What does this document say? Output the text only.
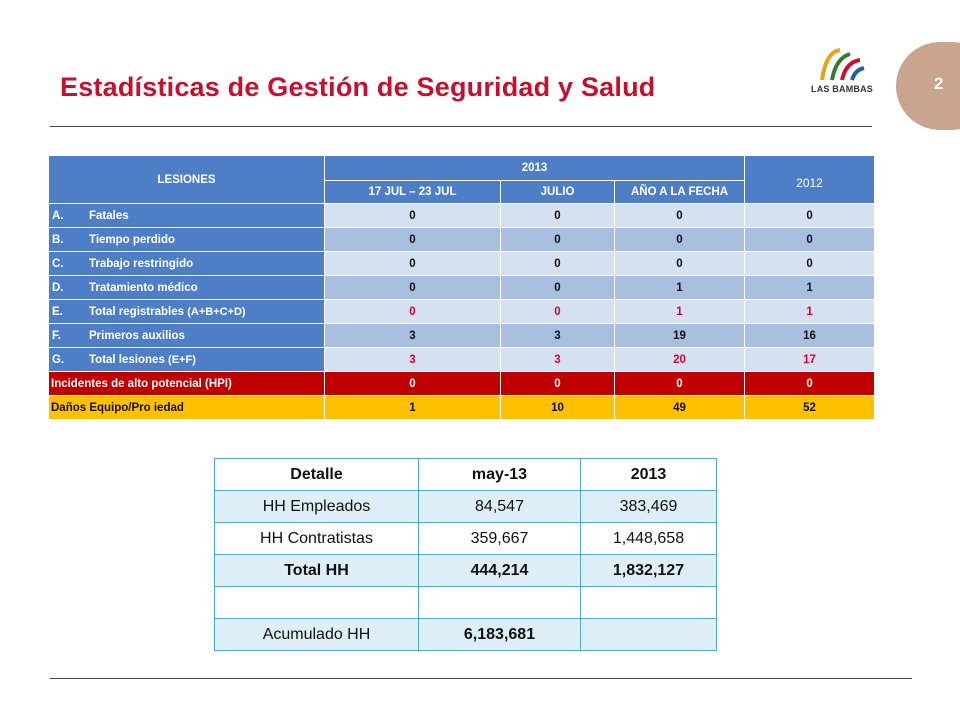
Estadísticas de Gestión de Seguridad y Salud	2
LAS BAMBAS
LESIONES	2013			2012
	17 JUL – 23 JUL	JULIO	AÑO A LA FECHA	
A. Fatales	0	0	0	0
B. Tiempo perdido	0	0	0	0
C. Trabajo restringido	0	0	0	0
D. Tratamiento médico	0	0	1	1
E. Total registrables (A+B+C+D)	0	0	1	1
F. Primeros auxilios	3	3	19	16
G. Total lesiones (E+F)	3	3	20	17
Incidentes de alto potencial (HPI)	0	0	0	0
Daños Equipo/Pro iedad	1	10	49	52
Detalle	may-13	2013
HH Empleados	84,547	383,469
HH Contratistas	359,667	1,448,658
Total HH	444,214	1,832,127

Acumulado HH	6,183,681	
